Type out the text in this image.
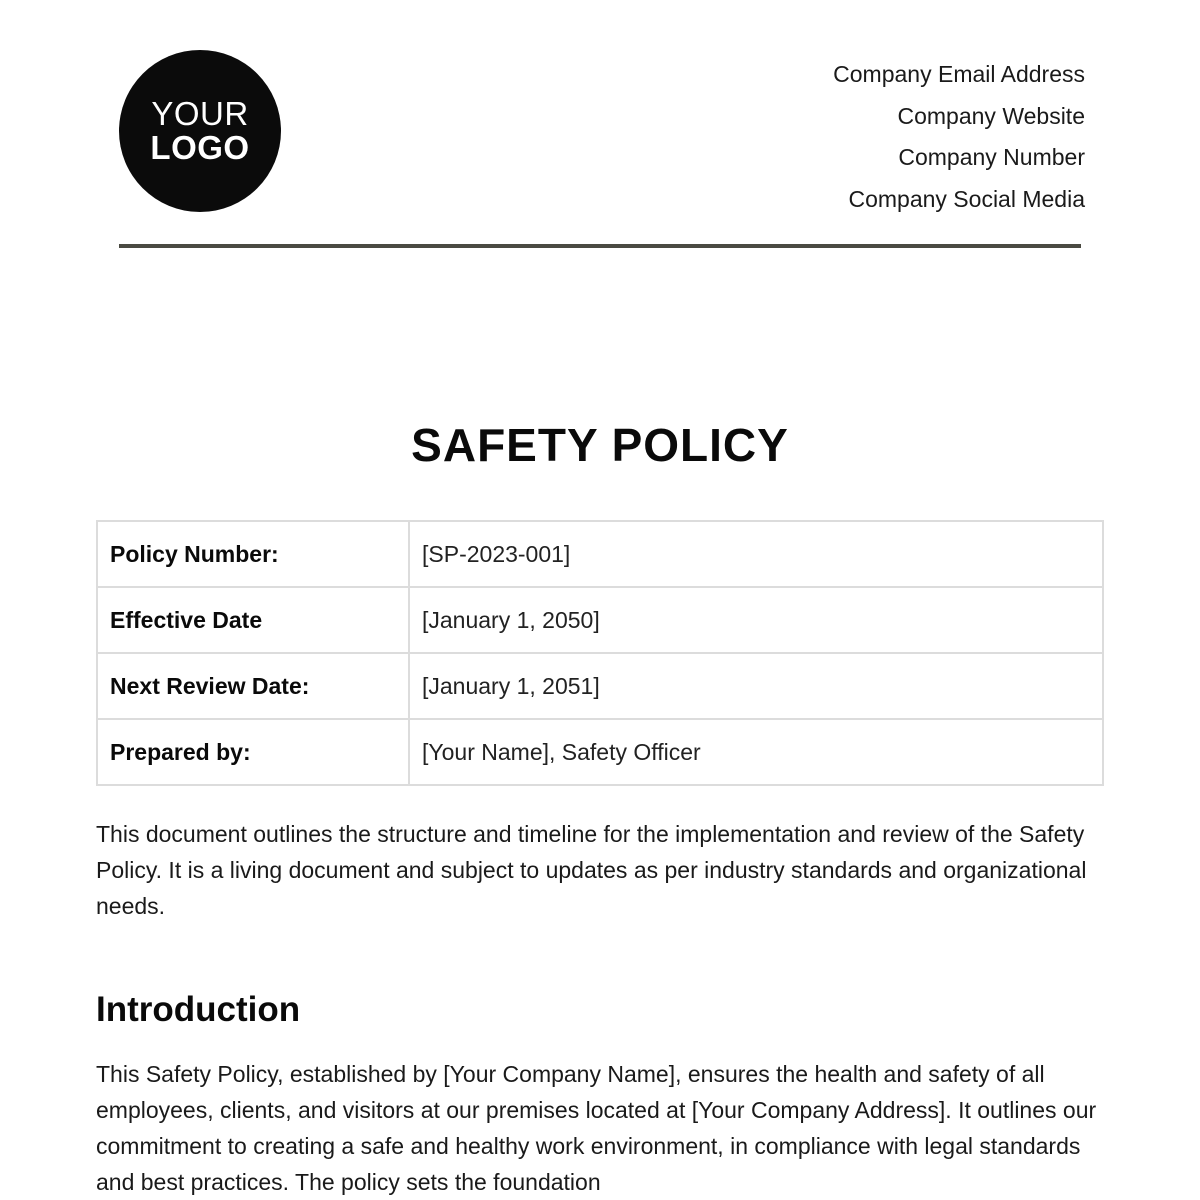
YOUR
LOGO
Company Email Address
Company Website
Company Number
Company Social Media
SAFETY POLICY
Policy Number:	[SP-2023-001]
Effective Date	[January 1, 2050]
Next Review Date:	[January 1, 2051]
Prepared by:	[Your Name], Safety Officer
This document outlines the structure and timeline for the implementation and review of the Safety Policy. It is a living document and subject to updates as per industry standards and organizational needs.
Introduction
This Safety Policy, established by [Your Company Name], ensures the health and safety of all employees, clients, and visitors at our premises located at [Your Company Address]. It outlines our commitment to creating a safe and healthy work environment, in compliance with legal standards and best practices. The policy sets the foundation
